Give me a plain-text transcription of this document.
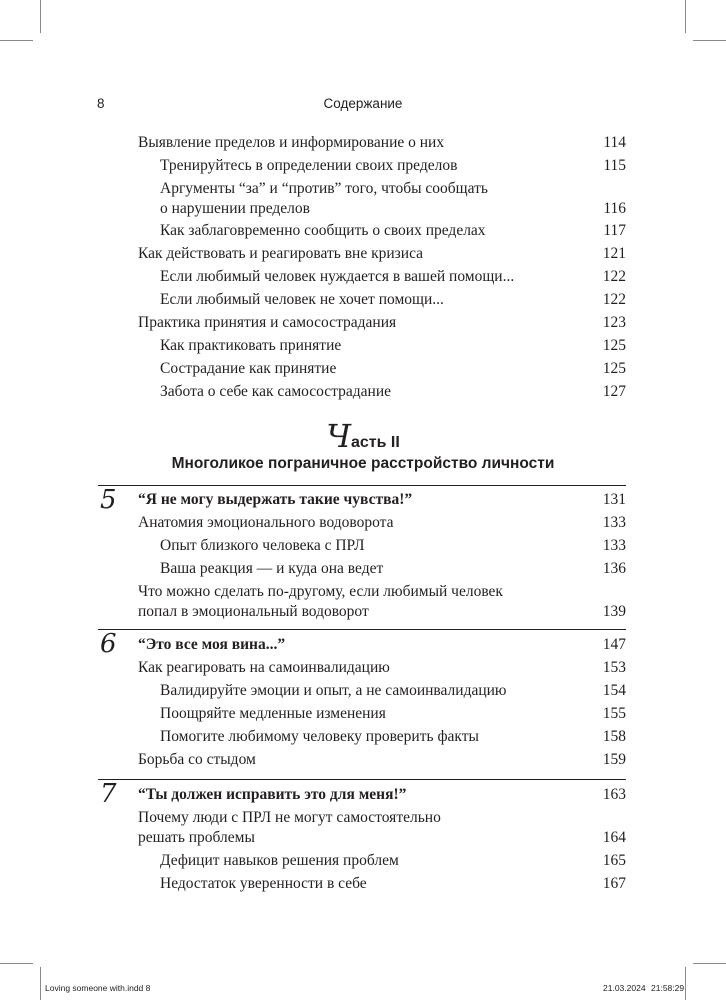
8	Содержание
Выявление пределов и информирование о них	114
Тренируйтесь в определении своих пределов	115
Аргументы “за” и “против” того, чтобы сообщать
о нарушении пределов	116
Как заблаговременно сообщить о своих пределах	117
Как действовать и реагировать вне кризиса	121
Если любимый человек нуждается в вашей помощи...	122
Если любимый человек не хочет помощи...	122
Практика принятия и самосострадания	123
Как практиковать принятие	125
Сострадание как принятие	125
Забота о себе как самосострадание	127
Часть II
Многоликое пограничное расстройство личности
5 “Я не могу выдержать такие чувства!”	131
Анатомия эмоционального водоворота	133
Опыт близкого человека с ПРЛ	133
Ваша реакция — и куда она ведет	136
Что можно сделать по-другому, если любимый человек
попал в эмоциональный водоворот	139
6 “Это все моя вина...”	147
Как реагировать на самоинвалидацию	153
Валидируйте эмоции и опыт, а не самоинвалидацию	154
Поощряйте медленные изменения	155
Помогите любимому человеку проверить факты	158
Борьба со стыдом	159
7 “Ты должен исправить это для меня!”	163
Почему люди с ПРЛ не могут самостоятельно
решать проблемы	164
Дефицит навыков решения проблем	165
Недостаток уверенности в себе	167
Loving someone with.indd 8	21.03.2024 21:58:29
